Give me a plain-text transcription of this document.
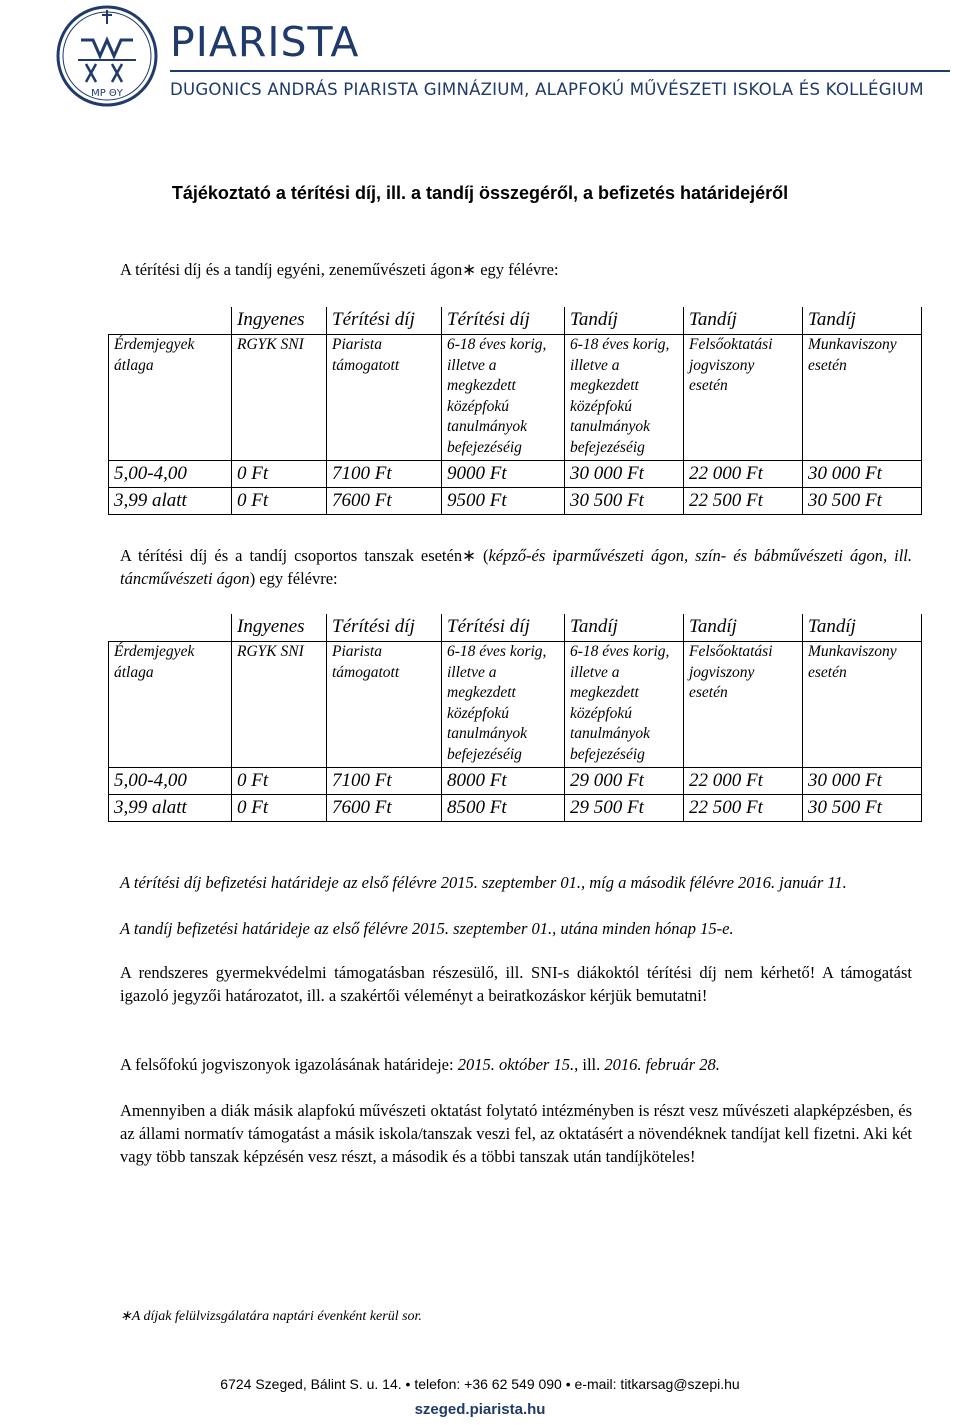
MP ΘΥ
PIARISTA
DUGONICS ANDRÁS PIARISTA GIMNÁZIUM, ALAPFOKÚ MŰVÉSZETI ISKOLA ÉS KOLLÉGIUM
Tájékoztató a térítési díj, ill. a tandíj összegéről, a befizetés határidejéről

A térítési díj és a tandíj egyéni, zeneművészeti ágon∗ egy félévre:

	Ingyenes	Térítési díj	Térítési díj	Tandíj	Tandíj	Tandíj
Érdemjegyek átlaga	RGYK SNI	Piarista támogatott	6-18 éves korig, illetve a megkezdett középfokú tanulmányok befejezéséig	6-18 éves korig, illetve a megkezdett középfokú tanulmányok befejezéséig	Felsőoktatási jogviszony esetén	Munkaviszony esetén
5,00-4,00	0 Ft	7100 Ft	9000 Ft	30 000 Ft	22 000 Ft	30 000 Ft
3,99 alatt	0 Ft	7600 Ft	9500 Ft	30 500 Ft	22 500 Ft	30 500 Ft

A térítési díj és a tandíj csoportos tanszak esetén∗ (képző-és iparművészeti ágon, szín- és bábművészeti ágon, ill. táncművészeti ágon) egy félévre:

	Ingyenes	Térítési díj	Térítési díj	Tandíj	Tandíj	Tandíj
Érdemjegyek átlaga	RGYK SNI	Piarista támogatott	6-18 éves korig, illetve a megkezdett középfokú tanulmányok befejezéséig	6-18 éves korig, illetve a megkezdett középfokú tanulmányok befejezéséig	Felsőoktatási jogviszony esetén	Munkaviszony esetén
5,00-4,00	0 Ft	7100 Ft	8000 Ft	29 000 Ft	22 000 Ft	30 000 Ft
3,99 alatt	0 Ft	7600 Ft	8500 Ft	29 500 Ft	22 500 Ft	30 500 Ft

A térítési díj befizetési határideje az első félévre 2015. szeptember 01., míg a második félévre 2016. január 11.

A tandíj befizetési határideje az első félévre 2015. szeptember 01., utána minden hónap 15-e.

A rendszeres gyermekvédelmi támogatásban részesülő, ill. SNI-s diákoktól térítési díj nem kérhető! A támogatást igazoló jegyzői határozatot, ill. a szakértői véleményt a beiratkozáskor kérjük bemutatni!

A felsőfokú jogviszonyok igazolásának határideje: 2015. október 15., ill. 2016. február 28.

Amennyiben a diák másik alapfokú művészeti oktatást folytató intézményben is részt vesz művészeti alapképzésben, és az állami normatív támogatást a másik iskola/tanszak veszi fel, az oktatásért a növendéknek tandíjat kell fizetni. Aki két vagy több tanszak képzésén vesz részt, a második és a többi tanszak után tandíjköteles!

∗A díjak felülvizsgálatára naptári évenként kerül sor.
6724 Szeged, Bálint S. u. 14. • telefon: +36 62 549 090 • e-mail: titkarsag@szepi.hu
szeged.piarista.hu
